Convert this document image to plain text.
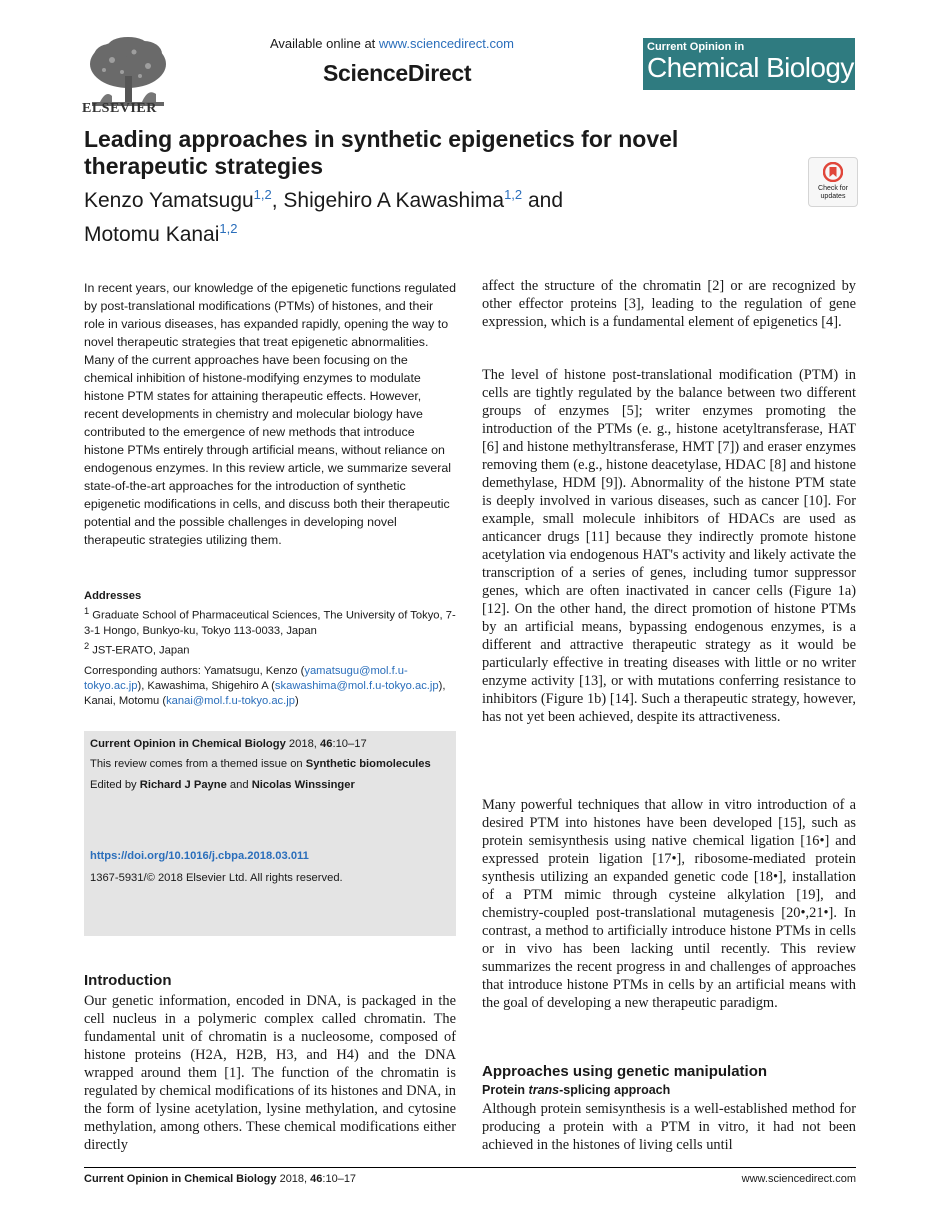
ELSEVIER
Available online at www.sciencedirect.com
ScienceDirect
Current Opinion in
Chemical Biology
Leading approaches in synthetic epigenetics for novel therapeutic strategies
Kenzo Yamatsugu$^{1,2}$, Shigehiro A Kawashima$^{1,2}$ and
Motomu Kanai$^{1,2}$
Check for updates
In recent years, our knowledge of the epigenetic functions regulated by post-translational modifications (PTMs) of histones, and their role in various diseases, has expanded rapidly, opening the way to novel therapeutic strategies that treat epigenetic abnormalities. Many of the current approaches have been focusing on the chemical inhibition of histone-modifying enzymes to modulate histone PTM states for attaining therapeutic effects. However, recent developments in chemistry and molecular biology have contributed to the emergence of new methods that introduce histone PTMs entirely through artificial means, without reliance on endogenous enzymes. In this review article, we summarize several state-of-the-art approaches for the introduction of synthetic epigenetic modifications in cells, and discuss both their therapeutic potential and the possible challenges in developing novel therapeutic strategies utilizing them.
Addresses
$^1$ Graduate School of Pharmaceutical Sciences, The University of Tokyo, 7-3-1 Hongo, Bunkyo-ku, Tokyo 113-0033, Japan
$^2$ JST-ERATO, Japan
Corresponding authors: Yamatsugu, Kenzo (yamatsugu@mol.f.u-tokyo.ac.jp), Kawashima, Shigehiro A (skawashima@mol.f.u-tokyo.ac.jp), Kanai, Motomu (kanai@mol.f.u-tokyo.ac.jp)
Current Opinion in Chemical Biology 2018, 46:10–17
This review comes from a themed issue on Synthetic biomolecules
Edited by Richard J Payne and Nicolas Winssinger
https://doi.org/10.1016/j.cbpa.2018.03.011
1367-5931/© 2018 Elsevier Ltd. All rights reserved.
Introduction
Our genetic information, encoded in DNA, is packaged in the cell nucleus in a polymeric complex called chromatin. The fundamental unit of chromatin is a nucleosome, composed of histone proteins (H2A, H2B, H3, and H4) and the DNA wrapped around them [1]. The function of the chromatin is regulated by chemical modifications of its histones and DNA, in the form of lysine acetylation, lysine methylation, and cytosine methylation, among others. These chemical modifications either directly
affect the structure of the chromatin [2] or are recognized by other effector proteins [3], leading to the regulation of gene expression, which is a fundamental element of epigenetics [4].
The level of histone post-translational modification (PTM) in cells are tightly regulated by the balance between two different groups of enzymes [5]; writer enzymes promoting the introduction of the PTMs (e. g., histone acetyltransferase, HAT [6] and histone methyltransferase, HMT [7]) and eraser enzymes removing them (e.g., histone deacetylase, HDAC [8] and histone demethylase, HDM [9]). Abnormality of the histone PTM state is deeply involved in various diseases, such as cancer [10]. For example, small molecule inhibitors of HDACs are used as anticancer drugs [11] because they indirectly promote histone acetylation via endogenous HAT's activity and likely activate the transcription of a series of genes, including tumor suppressor genes, which are often inactivated in cancer cells (Figure 1a) [12]. On the other hand, the direct promotion of histone PTMs by an artificial means, bypassing endogenous enzymes, is a different and attractive therapeutic strategy as it would be particularly effective in treating diseases with little or no writer enzyme activity [13], or with mutations conferring resistance to inhibitors (Figure 1b) [14]. Such a therapeutic strategy, however, has not yet been achieved, despite its attractiveness.
Many powerful techniques that allow in vitro introduction of a desired PTM into histones have been developed [15], such as protein semisynthesis using native chemical ligation [16•] and expressed protein ligation [17•], ribosome-mediated protein synthesis utilizing an expanded genetic code [18•], installation of a PTM mimic through cysteine alkylation [19], and chemistry-coupled post-translational mutagenesis [20•,21•]. In contrast, a method to artificially introduce histone PTMs in cells or in vivo has been lacking until recently. This review summarizes the recent progress in and challenges of approaches that introduce histone PTMs in cells by an artificial means with the goal of developing a new therapeutic paradigm.
Approaches using genetic manipulation
Protein trans-splicing approach
Although protein semisynthesis is a well-established method for producing a protein with a PTM in vitro, it had not been achieved in the histones of living cells until
Current Opinion in Chemical Biology 2018, 46:10–17	www.sciencedirect.com
